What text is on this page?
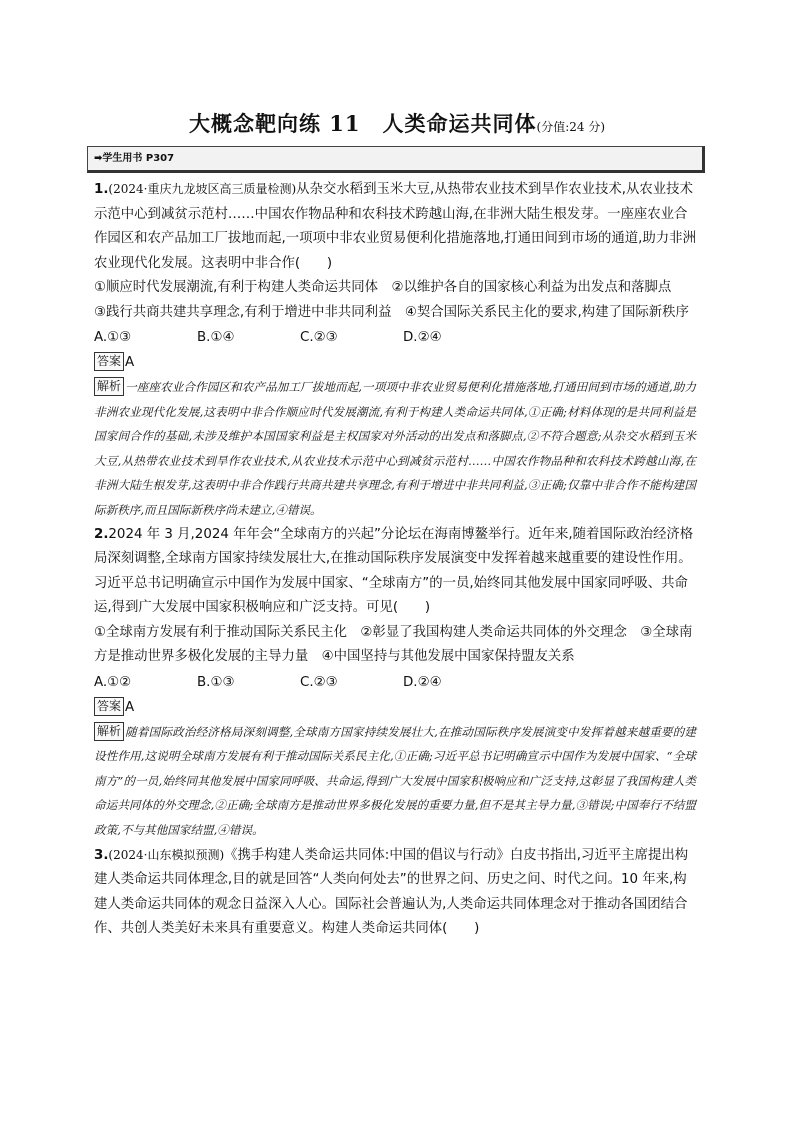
大概念靶向练 11　人类命运共同体(分值:24 分)
➡学生用书 P307

1.(2024·重庆九龙坡区高三质量检测)从杂交水稻到玉米大豆,从热带农业技术到旱作农业技术,从农业技术示范中心到减贫示范村……中国农作物品种和农科技术跨越山海,在非洲大陆生根发芽。一座座农业合作园区和农产品加工厂拔地而起,一项项中非农业贸易便利化措施落地,打通田间到市场的通道,助力非洲农业现代化发展。这表明中非合作(　　)

①顺应时代发展潮流,有利于构建人类命运共同体　②以维护各自的国家核心利益为出发点和落脚点　③践行共商共建共享理念,有利于增进中非共同利益　④契合国际关系民主化的要求,构建了国际新秩序

A.①③	B.①④	C.②③	D.②④

答案 A

解析 一座座农业合作园区和农产品加工厂拔地而起,一项项中非农业贸易便利化措施落地,打通田间到市场的通道,助力非洲农业现代化发展,这表明中非合作顺应时代发展潮流,有利于构建人类命运共同体,①正确;材料体现的是共同利益是国家间合作的基础,未涉及维护本国国家利益是主权国家对外活动的出发点和落脚点,②不符合题意;从杂交水稻到玉米大豆,从热带农业技术到旱作农业技术,从农业技术示范中心到减贫示范村……中国农作物品种和农科技术跨越山海,在非洲大陆生根发芽,这表明中非合作践行共商共建共享理念,有利于增进中非共同利益,③正确;仅靠中非合作不能构建国际新秩序,而且国际新秩序尚未建立,④错误。

2.2024 年 3 月,2024 年年会“全球南方的兴起”分论坛在海南博鳌举行。近年来,随着国际政治经济格局深刻调整,全球南方国家持续发展壮大,在推动国际秩序发展演变中发挥着越来越重要的建设性作用。习近平总书记明确宣示中国作为发展中国家、“全球南方”的一员,始终同其他发展中国家同呼吸、共命运,得到广大发展中国家积极响应和广泛支持。可见(　　)

①全球南方发展有利于推动国际关系民主化　②彰显了我国构建人类命运共同体的外交理念　③全球南方是推动世界多极化发展的主导力量　④中国坚持与其他发展中国家保持盟友关系

A.①②	B.①③	C.②③	D.②④

答案 A

解析 随着国际政治经济格局深刻调整,全球南方国家持续发展壮大,在推动国际秩序发展演变中发挥着越来越重要的建设性作用,这说明全球南方发展有利于推动国际关系民主化,①正确;习近平总书记明确宣示中国作为发展中国家、“全球南方”的一员,始终同其他发展中国家同呼吸、共命运,得到广大发展中国家积极响应和广泛支持,这彰显了我国构建人类命运共同体的外交理念,②正确;全球南方是推动世界多极化发展的重要力量,但不是其主导力量,③错误;中国奉行不结盟政策,不与其他国家结盟,④错误。

3.(2024·山东模拟预测)《携手构建人类命运共同体:中国的倡议与行动》白皮书指出,习近平主席提出构建人类命运共同体理念,目的就是回答“人类向何处去”的世界之问、历史之问、时代之问。10 年来,构建人类命运共同体的观念日益深入人心。国际社会普遍认为,人类命运共同体理念对于推动各国团结合作、共创人类美好未来具有重要意义。构建人类命运共同体(　　)
